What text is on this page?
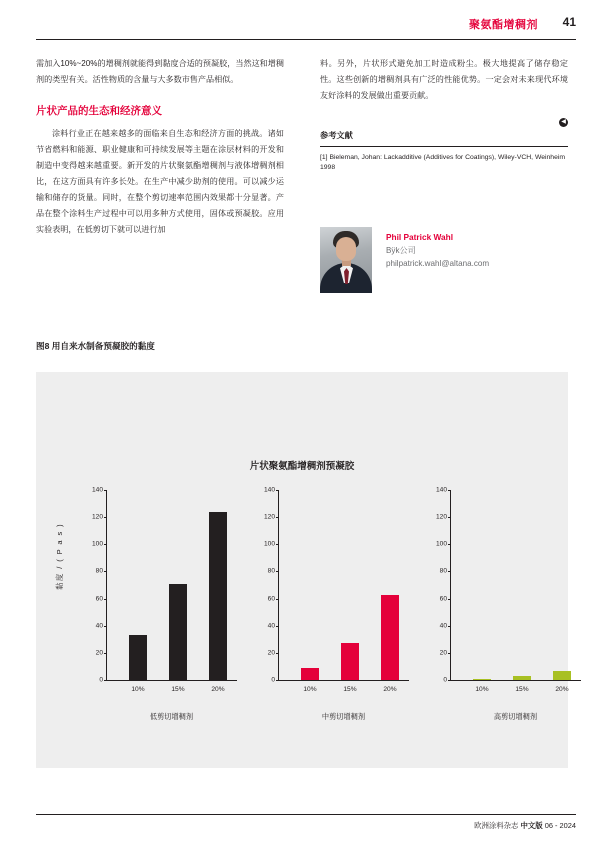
聚氨酯增稠剂 41

需加入10%~20%的增稠剂就能得到黏度合适的预凝胶，当然这和增稠剂的类型有关。活性物质的含量与大多数市售产品相似。

片状产品的生态和经济意义

涂料行业正在越来越多的面临来自生态和经济方面的挑战。诸如节省燃料和能源、职业健康和可持续发展等主题在涂层材料的开发和制造中变得越来越重要。新开发的片状聚氨酯增稠剂与液体增稠剂相比，在这方面具有许多长处。在生产中减少助剂的使用。可以减少运输和储存的货量。同时，在整个剪切速率范围内效果都十分显著。产品在整个涂料生产过程中可以用多种方式使用，固体或预凝胶。应用实验表明，在低剪切下就可以进行加

料。另外，片状形式避免加工时造成粉尘。极大地提高了储存稳定性。这些创新的增稠剂具有广泛的性能优势。一定会对未来现代环境友好涂料的发展做出重要贡献。

◀
参考文献
[1] Bieleman, Johan: Lackadditive (Additives for Coatings), Wiley-VCH, Weinheim 1998
Phil Patrick Wahl
Bÿk公司
philpatrick.wahl@altana.com
图8 用自来水制备预凝胶的黏度
片状聚氨酯增稠剂预凝胶
黏度 / ( P a s )
0
20
40
60
80
100
120
140
10%	15%	20%
低剪切增稠剂
0
20
40
60
80
100
120
140
10%	15%	20%
中剪切增稠剂
0
20
40
60
80
100
120
140
10%	15%	20%
高剪切增稠剂
欧洲涂料杂志 中文版 06 - 2024
